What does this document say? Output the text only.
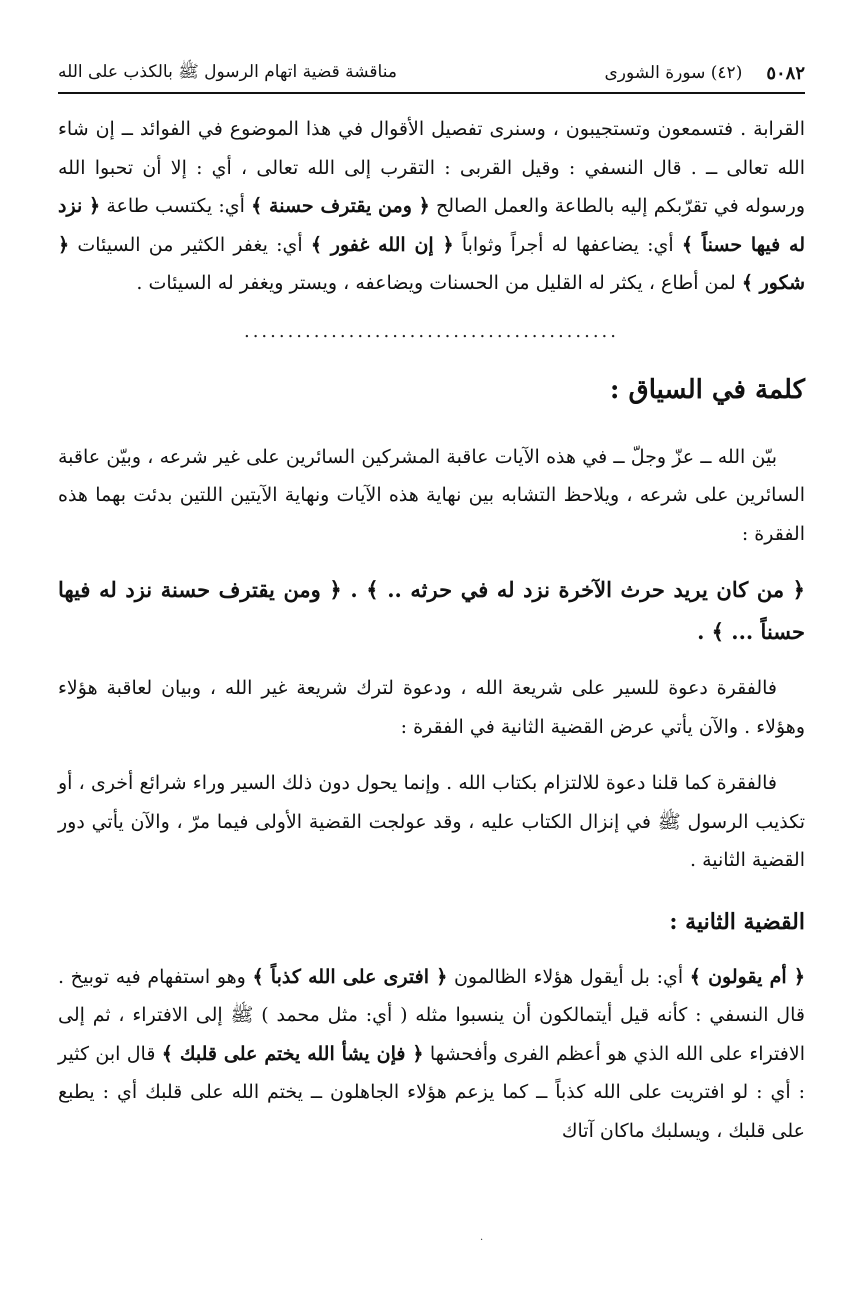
٥٠٨٢
(٤٢) سورة الشورى
مناقشة قضية اتهام الرسول ﷺ بالكذب على الله

القرابة . فتسمعون وتستجيبون ، وسنرى تفصيل الأقوال في هذا الموضوع في الفوائد ــ إن شاء الله تعالى ــ . قال النسفي : وقيل القربى : التقرب إلى الله تعالى ، أي : إلا أن تحبوا الله ورسوله في تقرّبكم إليه بالطاعة والعمل الصالح ﴿ ومن يقترف حسنة ﴾ أي: يكتسب طاعة ﴿ نزد له فيها حسناً ﴾ أي: يضاعفها له أجراً وثواباً ﴿ إن الله غفور ﴾ أي: يغفر الكثير من السيئات ﴿ شكور ﴾ لمن أطاع ، يكثر له القليل من الحسنات ويضاعفه ، ويستر ويغفر له السيئات .

...........................................
كلمة في السياق :

بيّن الله ــ عزّ وجلّ ــ في هذه الآيات عاقبة المشركين السائرين على غير شرعه ، وبيّن عاقبة السائرين على شرعه ، ويلاحظ التشابه بين نهاية هذه الآيات ونهاية الآيتين اللتين بدئت بهما هذه الفقرة :

﴿ من كان يريد حرث الآخرة نزد له في حرثه .. ﴾ . ﴿ ومن يقترف حسنة نزد له فيها حسناً ... ﴾ .

فالفقرة دعوة للسير على شريعة الله ، ودعوة لترك شريعة غير الله ، وبيان لعاقبة هؤلاء وهؤلاء . والآن يأتي عرض القضية الثانية في الفقرة :

فالفقرة كما قلنا دعوة للالتزام بكتاب الله . وإنما يحول دون ذلك السير وراء شرائع أخرى ، أو تكذيب الرسول ﷺ في إنزال الكتاب عليه ، وقد عولجت القضية الأولى فيما مرّ ، والآن يأتي دور القضية الثانية .

القضية الثانية :

﴿ أم يقولون ﴾ أي: بل أيقول هؤلاء الظالمون ﴿ افترى على الله كذباً ﴾ وهو استفهام فيه توبيخ . قال النسفي : كأنه قيل أيتمالكون أن ينسبوا مثله ( أي: مثل محمد ) ﷺ إلى الافتراء ، ثم إلى الافتراء على الله الذي هو أعظم الفرى وأفحشها ﴿ فإن يشأ الله يختم على قلبك ﴾ قال ابن كثير : أي : لو افتريت على الله كذباً ــ كما يزعم هؤلاء الجاهلون ــ يختم الله على قلبك أي : يطبع على قلبك ، ويسلبك ماكان آتاك

.
